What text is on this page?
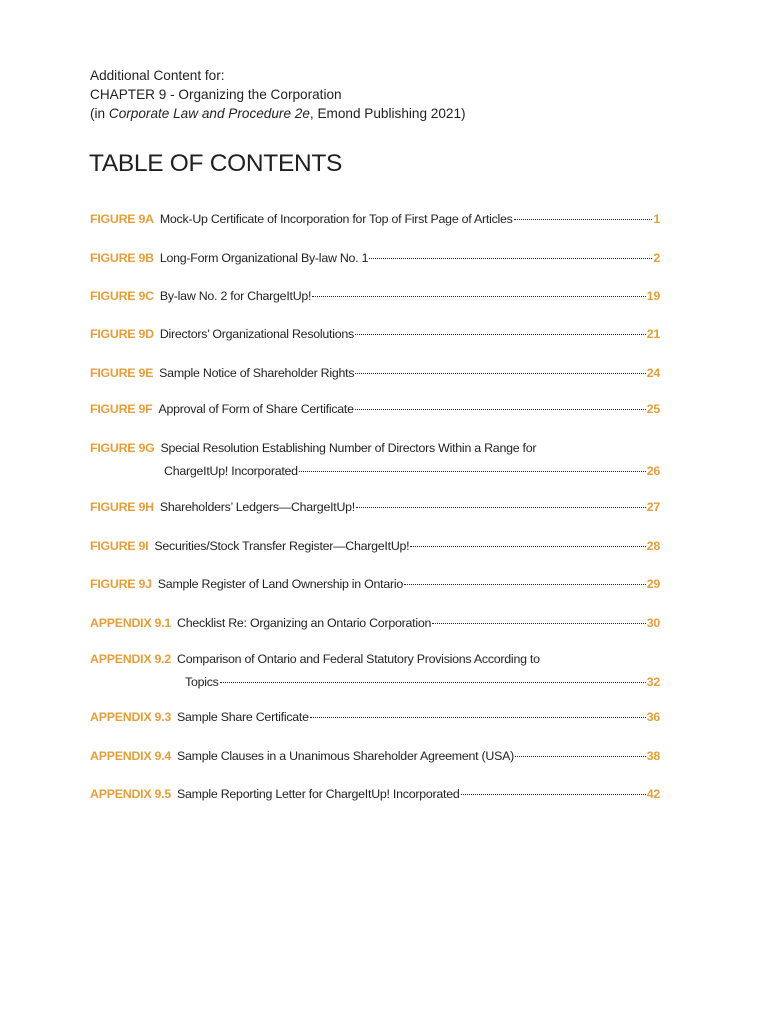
Additional Content for:
CHAPTER 9 - Organizing the Corporation
(in Corporate Law and Procedure 2e, Emond Publishing 2021)
TABLE OF CONTENTS
FIGURE 9A Mock-Up Certificate of Incorporation for Top of First Page of Articles	1
FIGURE 9B Long-Form Organizational By-law No. 1	2
FIGURE 9C By-law No. 2 for ChargeItUp!	19
FIGURE 9D Directors’ Organizational Resolutions	21
FIGURE 9E Sample Notice of Shareholder Rights	24
FIGURE 9F Approval of Form of Share Certificate	25
FIGURE 9G Special Resolution Establishing Number of Directors Within a Range for
ChargeItUp! Incorporated	26
FIGURE 9H Shareholders’ Ledgers—ChargeItUp!	27
FIGURE 9I Securities/Stock Transfer Register—ChargeItUp!	28
FIGURE 9J Sample Register of Land Ownership in Ontario	29
APPENDIX 9.1 Checklist Re: Organizing an Ontario Corporation	30
APPENDIX 9.2 Comparison of Ontario and Federal Statutory Provisions According to
Topics	32
APPENDIX 9.3 Sample Share Certificate	36
APPENDIX 9.4 Sample Clauses in a Unanimous Shareholder Agreement (USA)	38
APPENDIX 9.5 Sample Reporting Letter for ChargeItUp! Incorporated	42
